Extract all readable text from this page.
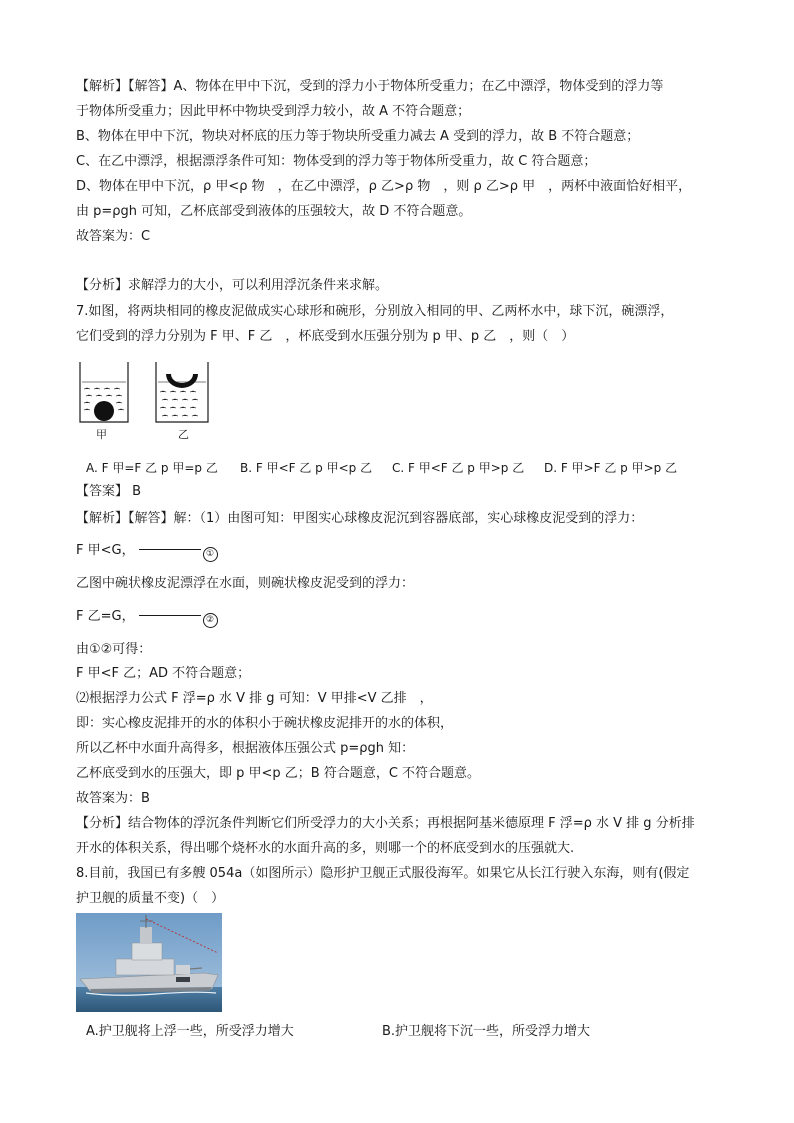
【解析】【解答】A、物体在甲中下沉，受到的浮力小于物体所受重力；在乙中漂浮，物体受到的浮力等
于物体所受重力；因此甲杯中物块受到浮力较小，故 A 不符合题意；
B、物体在甲中下沉，物块对杯底的压力等于物块所受重力减去 A 受到的浮力，故 B 不符合题意；
C、在乙中漂浮，根据漂浮条件可知：物体受到的浮力等于物体所受重力，故 C 符合题意；
D、物体在甲中下沉，ρ 甲<ρ 物　，在乙中漂浮，ρ 乙>ρ 物　，则 ρ 乙>ρ 甲　，两杯中液面恰好相平，
由 p=ρgh 可知，乙杯底部受到液体的压强较大，故 D 不符合题意。
故答案为：C
【分析】求解浮力的大小，可以利用浮沉条件来求解。
7.如图，将两块相同的橡皮泥做成实心球形和碗形，分别放入相同的甲、乙两杯水中，球下沉，碗漂浮，
它们受到的浮力分别为 F 甲、F 乙　，杯底受到水压强分别为 p 甲、p 乙　，则（　）
甲	乙
A. F 甲=F 乙 p 甲=p 乙 B. F 甲<F 乙 p 甲<p 乙 C. F 甲<F 乙 p 甲>p 乙 D. F 甲>F 乙 p 甲>p 乙
【答案】 B
【解析】【解答】解：（1）由图可知：甲图实心球橡皮泥沉到容器底部，实心球橡皮泥受到的浮力：
F 甲<G，	①
乙图中碗状橡皮泥漂浮在水面，则碗状橡皮泥受到的浮力：
F 乙=G，	②
由①②可得：
F 甲<F 乙；AD 不符合题意；
⑵根据浮力公式 F 浮=ρ 水 V 排 g 可知：V 甲排<V 乙排　，
即：实心橡皮泥排开的水的体积小于碗状橡皮泥排开的水的体积，
所以乙杯中水面升高得多，根据液体压强公式 p=ρgh 知：
乙杯底受到水的压强大，即 p 甲<p 乙；B 符合题意，C 不符合题意。
故答案为：B
【分析】结合物体的浮沉条件判断它们所受浮力的大小关系；再根据阿基米德原理 F 浮=ρ 水 V 排 g 分析排
开水的体积关系，得出哪个烧杯水的水面升高的多，则哪一个的杯底受到水的压强就大.
8.目前，我国已有多艘 054a（如图所示）隐形护卫舰正式服役海军。如果它从长江行驶入东海，则有(假定
护卫舰的质量不变)（　）
A.护卫舰将上浮一些，所受浮力增大	B.护卫舰将下沉一些，所受浮力增大
